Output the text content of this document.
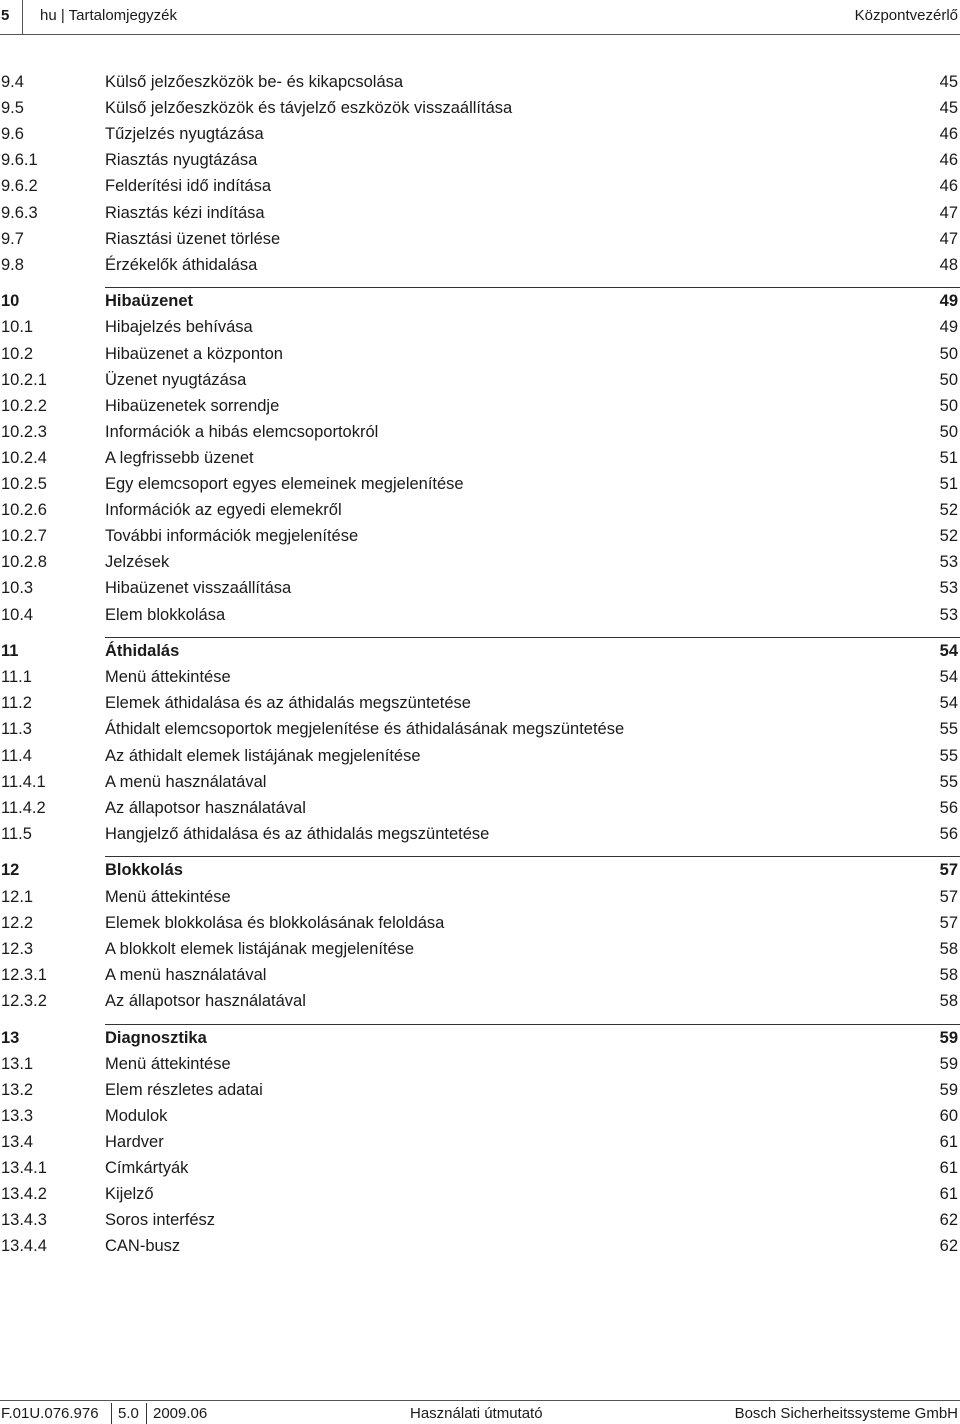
5 hu | Tartalomjegyzék	Központvezérlő
9.4	Külső jelzőeszközök be- és kikapcsolása	45
9.5	Külső jelzőeszközök és távjelző eszközök visszaállítása	45
9.6	Tűzjelzés nyugtázása	46
9.6.1	Riasztás nyugtázása	46
9.6.2	Felderítési idő indítása	46
9.6.3	Riasztás kézi indítása	47
9.7	Riasztási üzenet törlése	47
9.8	Érzékelők áthidalása	48
10	Hibaüzenet	49
10.1	Hibajelzés behívása	49
10.2	Hibaüzenet a központon	50
10.2.1	Üzenet nyugtázása	50
10.2.2	Hibaüzenetek sorrendje	50
10.2.3	Információk a hibás elemcsoportokról	50
10.2.4	A legfrissebb üzenet	51
10.2.5	Egy elemcsoport egyes elemeinek megjelenítése	51
10.2.6	Információk az egyedi elemekről	52
10.2.7	További információk megjelenítése	52
10.2.8	Jelzések	53
10.3	Hibaüzenet visszaállítása	53
10.4	Elem blokkolása	53
11	Áthidalás	54
11.1	Menü áttekintése	54
11.2	Elemek áthidalása és az áthidalás megszüntetése	54
11.3	Áthidalt elemcsoportok megjelenítése és áthidalásának megszüntetése	55
11.4	Az áthidalt elemek listájának megjelenítése	55
11.4.1	A menü használatával	55
11.4.2	Az állapotsor használatával	56
11.5	Hangjelző áthidalása és az áthidalás megszüntetése	56
12	Blokkolás	57
12.1	Menü áttekintése	57
12.2	Elemek blokkolása és blokkolásának feloldása	57
12.3	A blokkolt elemek listájának megjelenítése	58
12.3.1	A menü használatával	58
12.3.2	Az állapotsor használatával	58
13	Diagnosztika	59
13.1	Menü áttekintése	59
13.2	Elem részletes adatai	59
13.3	Modulok	60
13.4	Hardver	61
13.4.1	Címkártyák	61
13.4.2	Kijelző	61
13.4.3	Soros interfész	62
13.4.4	CAN-busz	62
F.01U.076.976 5.0 2009.06	Használati útmutató	Bosch Sicherheitssysteme GmbH
